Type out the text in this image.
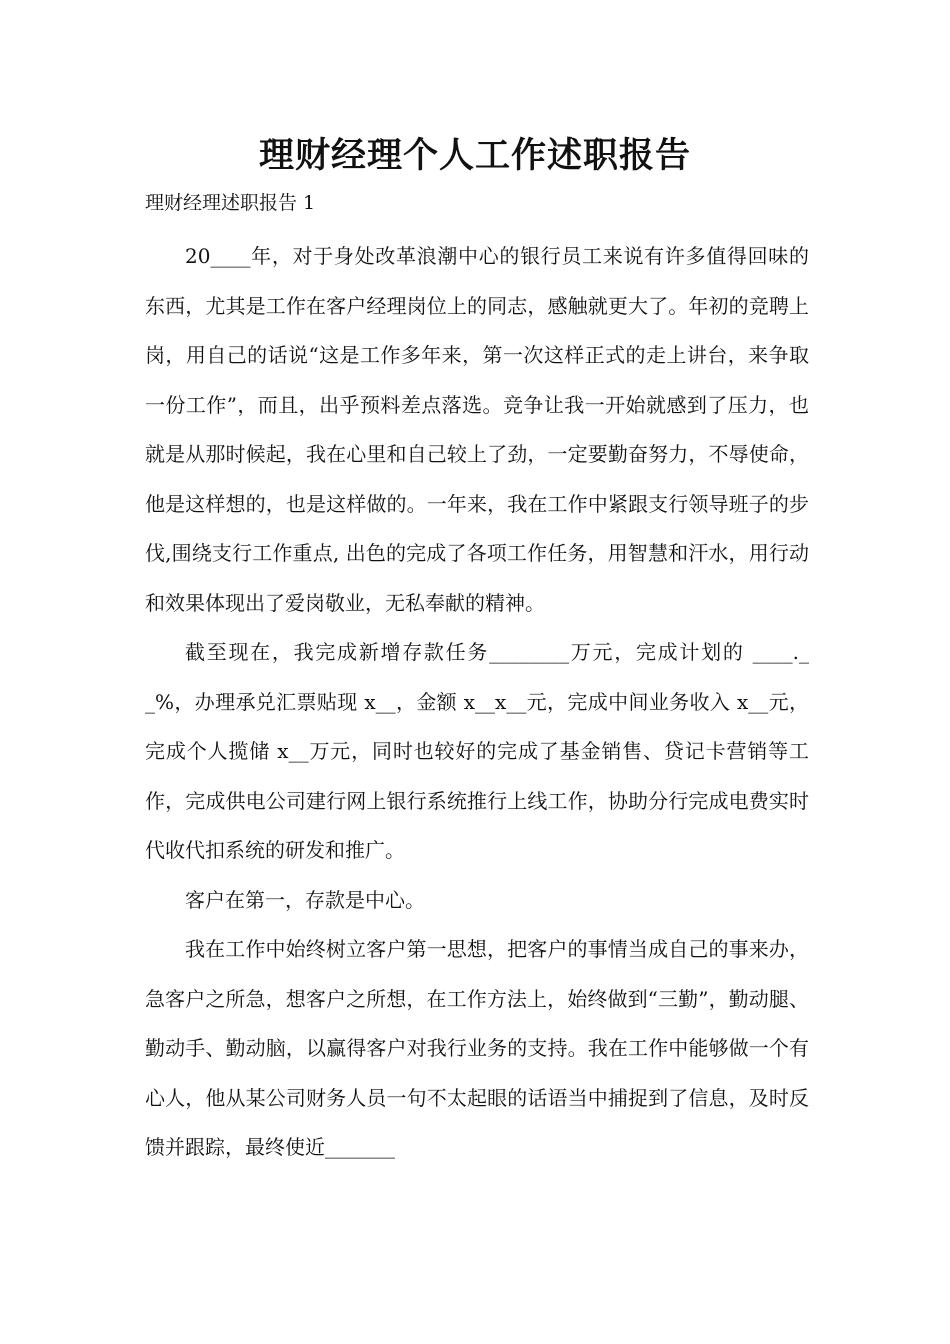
理财经理个人工作述职报告

理财经理述职报告 1

20____年，对于身处改革浪潮中心的银行员工来说有许多值得回味的东西，尤其是工作在客户经理岗位上的同志，感触就更大了。年初的竞聘上岗，用自己的话说“这是工作多年来，第一次这样正式的走上讲台，来争取一份工作”，而且，出乎预料差点落选。竞争让我一开始就感到了压力，也就是从那时候起，我在心里和自己较上了劲，一定要勤奋努力，不辱使命，他是这样想的，也是这样做的。一年来，我在工作中紧跟支行领导班子的步伐,围绕支行工作重点, 出色的完成了各项工作任务，用智慧和汗水，用行动和效果体现出了爱岗敬业，无私奉献的精神。

截至现在，我完成新增存款任务________万元，完成计划的 ____.__%，办理承兑汇票贴现 x__，金额 x__x__元，完成中间业务收入 x__元，完成个人揽储 x__万元，同时也较好的完成了基金销售、贷记卡营销等工作，完成供电公司建行网上银行系统推行上线工作，协助分行完成电费实时代收代扣系统的研发和推广。

客户在第一，存款是中心。

我在工作中始终树立客户第一思想，把客户的事情当成自己的事来办，急客户之所急，想客户之所想，在工作方法上，始终做到“三勤”，勤动腿、勤动手、勤动脑，以赢得客户对我行业务的支持。我在工作中能够做一个有心人，他从某公司财务人员一句不太起眼的话语当中捕捉到了信息，及时反馈并跟踪，最终使近_______
